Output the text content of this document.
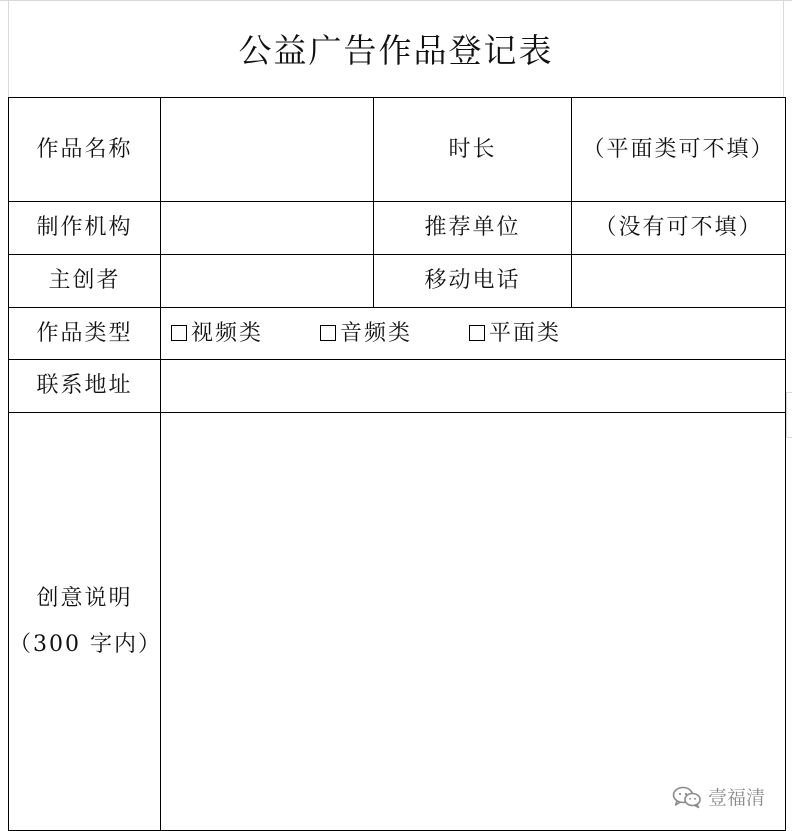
公益广告作品登记表
作品名称		时长	（平面类可不填）
制作机构		推荐单位	（没有可不填）
主创者		移动电话	
作品类型	视频类 音频类 平面类		
联系地址			

创意说明
（300 字内）			

壹福清
